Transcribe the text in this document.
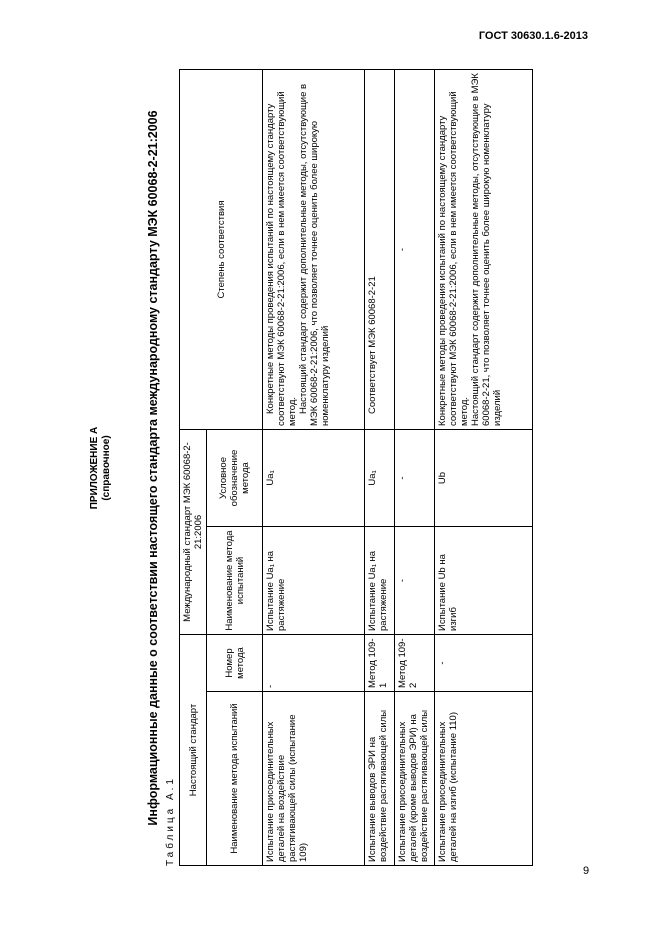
ГОСТ 30630.1.6-2013
ПРИЛОЖЕНИЕ А (справочное)	Информационные данные о соответствии настоящего стандарта международному стандарту МЭК 60068-2-21:2006 Таблица А.1
Настоящий стандарт		Международный стандарт МЭК 60068-2-21:2006		Степень соответствия
Наименование метода испытаний	Номер метода	Наименование метода испытаний	Условное обозначение метода	
Испытание присоединительных деталей на воздействие растягивающей силы (испытание 109)	-	Испытание Ua₁ на растяжение	Ua₁	Конкретные методы проведения испытаний по настоящему стандарту соответствуют МЭК 60068-2-21:2006, если в нем имеется соответствующий метод. Настоящий стандарт содержит дополнительные методы, отсутствующие в МЭК 60068-2-21:2006, что позволяет точнее оценить более широкую номенклатуру изделий

Испытание выводов ЭРИ на воздействие растягивающей силы	Метод 109-1	Испытание Ua₁ на растяжение	Ua₁	Соответствует МЭК 60068-2-21
Испытание присоединительных деталей (кроме выводов ЭРИ) на воздействие растягивающей силы	Метод 109-2	-	-	-
Испытание присоединительных деталей на изгиб (испытание 110)	-	Испытание Ub на изгиб	Ub	Конкретные методы проведения испытаний по настоящему стандарту соответствуют МЭК 60068-2-21:2006, если в нем имеется соответствующий метод. Настоящий стандарт содержит дополнительные методы, отсутствующие в МЭК 60068-2-21, что позволяет точнее оценить более широкую номенклатуру изделий
9
